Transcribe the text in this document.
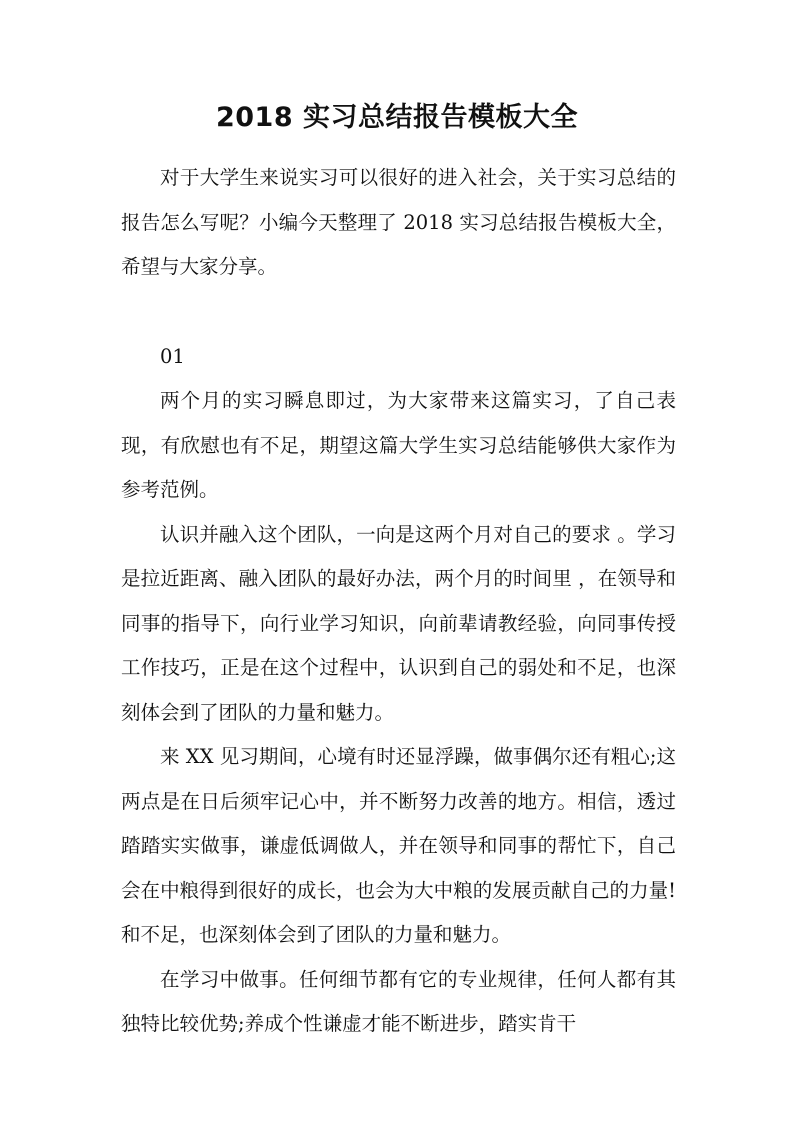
2018 实习总结报告模板大全

对于大学生来说实习可以很好的进入社会，关于实习总结的报告怎么写呢？小编今天整理了 2018 实习总结报告模板大全，希望与大家分享。

01

两个月的实习瞬息即过，为大家带来这篇实习，了自己表现，有欣慰也有不足，期望这篇大学生实习总结能够供大家作为参考范例。

认识并融入这个团队，一向是这两个月对自己的要求 。学习是拉近距离、融入团队的最好办法，两个月的时间里 ，在领导和同事的指导下，向行业学习知识，向前辈请教经验，向同事传授工作技巧，正是在这个过程中，认识到自己的弱处和不足，也深刻体会到了团队的力量和魅力。

来 XX 见习期间，心境有时还显浮躁，做事偶尔还有粗心;这两点是在日后须牢记心中，并不断努力改善的地方。相信，透过踏踏实实做事，谦虚低调做人，并在领导和同事的帮忙下，自己会在中粮得到很好的成长，也会为大中粮的发展贡献自己的力量!和不足，也深刻体会到了团队的力量和魅力。

在学习中做事。任何细节都有它的专业规律，任何人都有其独特比较优势;养成个性谦虚才能不断进步，踏实肯干
